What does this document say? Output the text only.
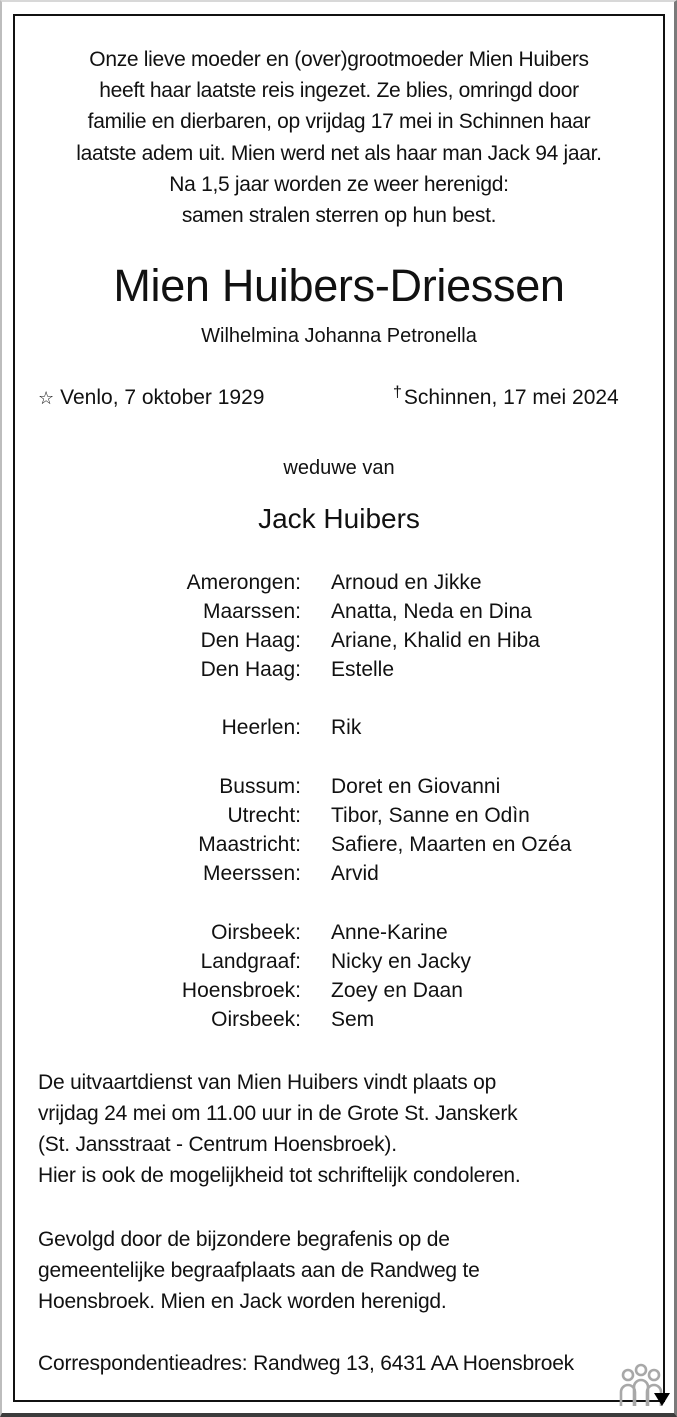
Onze lieve moeder en (over)grootmoeder Mien Huibers
heeft haar laatste reis ingezet. Ze blies, omringd door
familie en dierbaren, op vrijdag 17 mei in Schinnen haar
laatste adem uit. Mien werd net als haar man Jack 94 jaar.
Na 1,5 jaar worden ze weer herenigd:
samen stralen sterren op hun best.
Mien Huibers-Driessen
Wilhelmina Johanna Petronella
☆ Venlo, 7 oktober 1929	†Schinnen, 17 mei 2024
weduwe van
Jack Huibers
Amerongen: Arnoud en Jikke
Maarssen: Anatta, Neda en Dina
Den Haag: Ariane, Khalid en Hiba
Den Haag: Estelle
Heerlen: Rik
Bussum: Doret en Giovanni
Utrecht: Tibor, Sanne en Odìn
Maastricht: Safiere, Maarten en Ozéa
Meerssen: Arvid
Oirsbeek: Anne-Karine
Landgraaf: Nicky en Jacky
Hoensbroek: Zoey en Daan
Oirsbeek: Sem
De uitvaartdienst van Mien Huibers vindt plaats op
vrijdag 24 mei om 11.00 uur in de Grote St. Janskerk
(St. Jansstraat - Centrum Hoensbroek).
Hier is ook de mogelijkheid tot schriftelijk condoleren.
Gevolgd door de bijzondere begrafenis op de
gemeentelijke begraafplaats aan de Randweg te
Hoensbroek. Mien en Jack worden herenigd.
Correspondentieadres: Randweg 13, 6431 AA Hoensbroek
